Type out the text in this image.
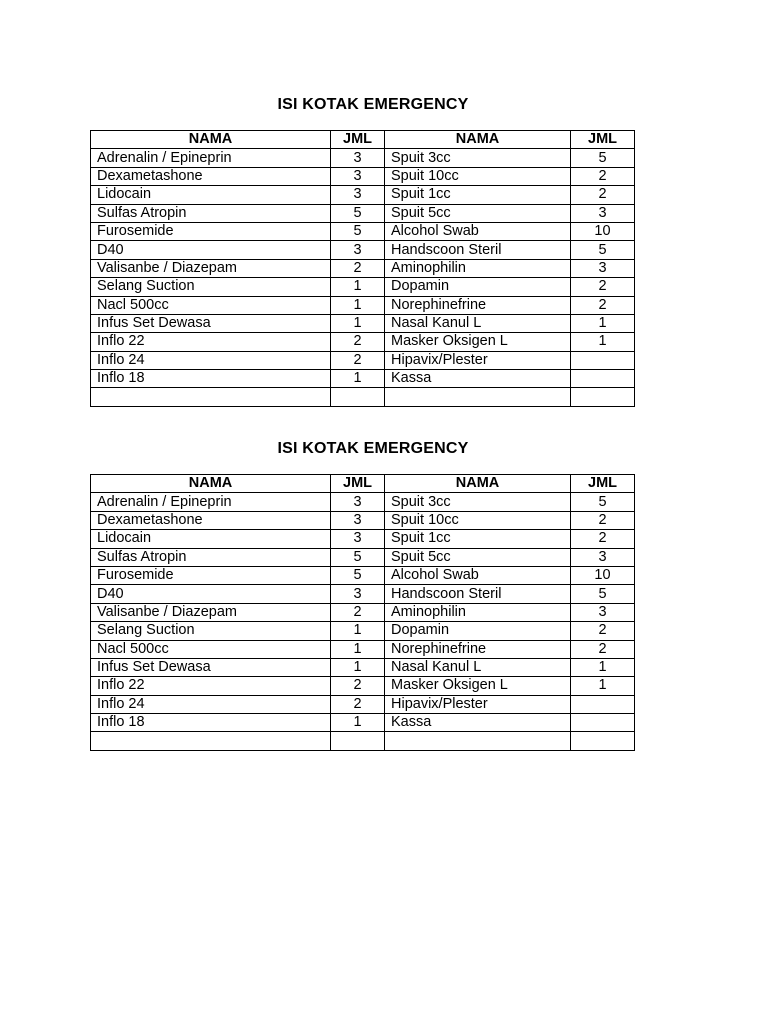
ISI KOTAK EMERGENCY
NAMA	JML	NAMA	JML
Adrenalin / Epineprin	3	Spuit 3cc	5
Dexametashone	3	Spuit 10cc	2
Lidocain	3	Spuit 1cc	2
Sulfas Atropin	5	Spuit 5cc	3
Furosemide	5	Alcohol Swab	10
D40	3	Handscoon Steril	5
Valisanbe / Diazepam	2	Aminophilin	3
Selang Suction	1	Dopamin	2
Nacl 500cc	1	Norephinefrine	2
Infus Set Dewasa	1	Nasal Kanul L	1
Inflo 22	2	Masker Oksigen L	1
Inflo 24	2	Hipavix/Plester	
Inflo 18	1	Kassa	

ISI KOTAK EMERGENCY
NAMA	JML	NAMA	JML
Adrenalin / Epineprin	3	Spuit 3cc	5
Dexametashone	3	Spuit 10cc	2
Lidocain	3	Spuit 1cc	2
Sulfas Atropin	5	Spuit 5cc	3
Furosemide	5	Alcohol Swab	10
D40	3	Handscoon Steril	5
Valisanbe / Diazepam	2	Aminophilin	3
Selang Suction	1	Dopamin	2
Nacl 500cc	1	Norephinefrine	2
Infus Set Dewasa	1	Nasal Kanul L	1
Inflo 22	2	Masker Oksigen L	1
Inflo 24	2	Hipavix/Plester	
Inflo 18	1	Kassa	
